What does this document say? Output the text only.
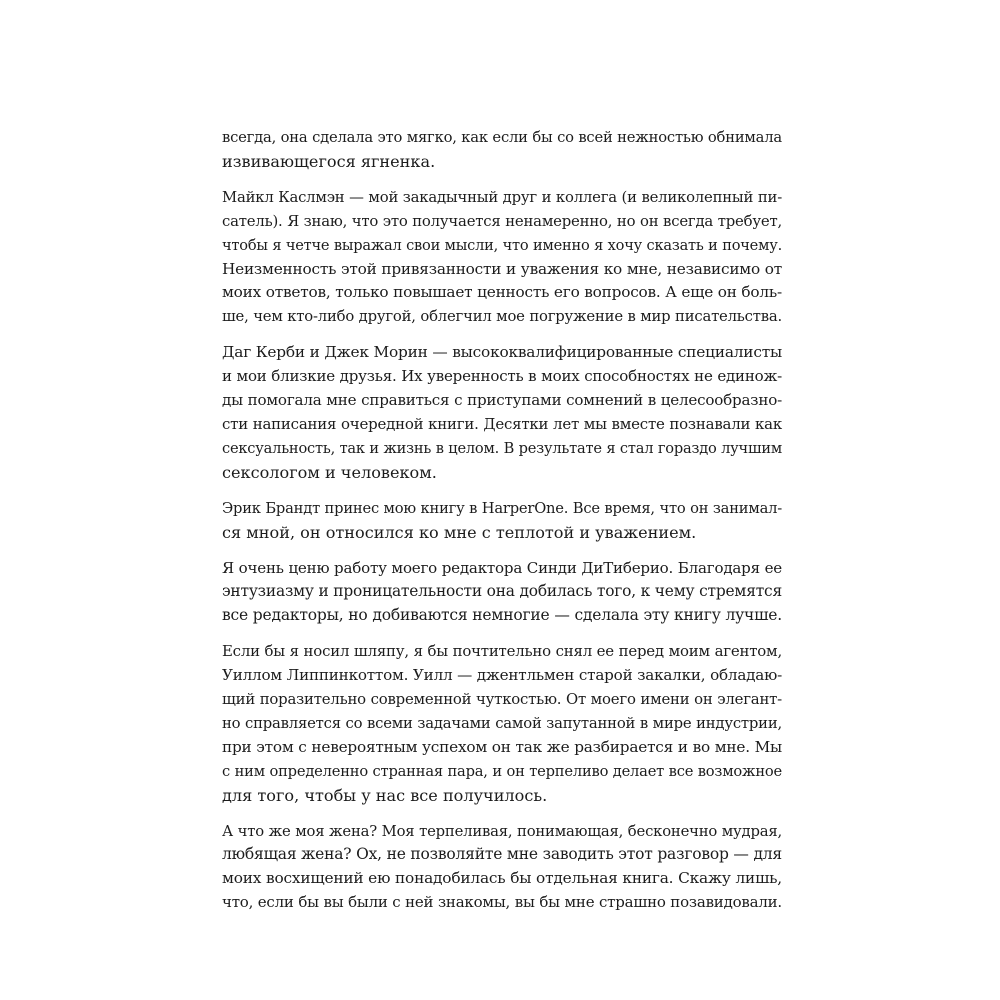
всегда, она сделала это мягко, как если бы со всей нежностью обнимала
извивающегося ягненка.

Майкл Каслмэн — мой закадычный друг и коллега (и великолепный пи-
сатель). Я знаю, что это получается ненамеренно, но он всегда требует,
чтобы я четче выражал свои мысли, что именно я хочу сказать и почему.
Неизменность этой привязанности и уважения ко мне, независимо от
моих ответов, только повышает ценность его вопросов. А еще он боль-
ше, чем кто-либо другой, облегчил мое погружение в мир писательства.

Даг Керби и Джек Морин — высококвалифицированные специалисты
и мои близкие друзья. Их уверенность в моих способностях не единож-
ды помогала мне справиться с приступами сомнений в целесообразно-
сти написания очередной книги. Десятки лет мы вместе познавали как
сексуальность, так и жизнь в целом. В результате я стал гораздо лучшим
сексологом и человеком.

Эрик Брандт принес мою книгу в HarperOne. Все время, что он занимал-
ся мной, он относился ко мне с теплотой и уважением.

Я очень ценю работу моего редактора Синди ДиТиберио. Благодаря ее
энтузиазму и проницательности она добилась того, к чему стремятся
все редакторы, но добиваются немногие — сделала эту книгу лучше.

Если бы я носил шляпу, я бы почтительно снял ее перед моим агентом,
Уиллом Липпинкоттом. Уилл — джентльмен старой закалки, обладаю-
щий поразительно современной чуткостью. От моего имени он элегант-
но справляется со всеми задачами самой запутанной в мире индустрии,
при этом с невероятным успехом он так же разбирается и во мне. Мы
с ним определенно странная пара, и он терпеливо делает все возможное
для того, чтобы у нас все получилось.

А что же моя жена? Моя терпеливая, понимающая, бесконечно мудрая,
любящая жена? Ох, не позволяйте мне заводить этот разговор — для
моих восхищений ею понадобилась бы отдельная книга. Скажу лишь,
что, если бы вы были с ней знакомы, вы бы мне страшно позавидовали.
